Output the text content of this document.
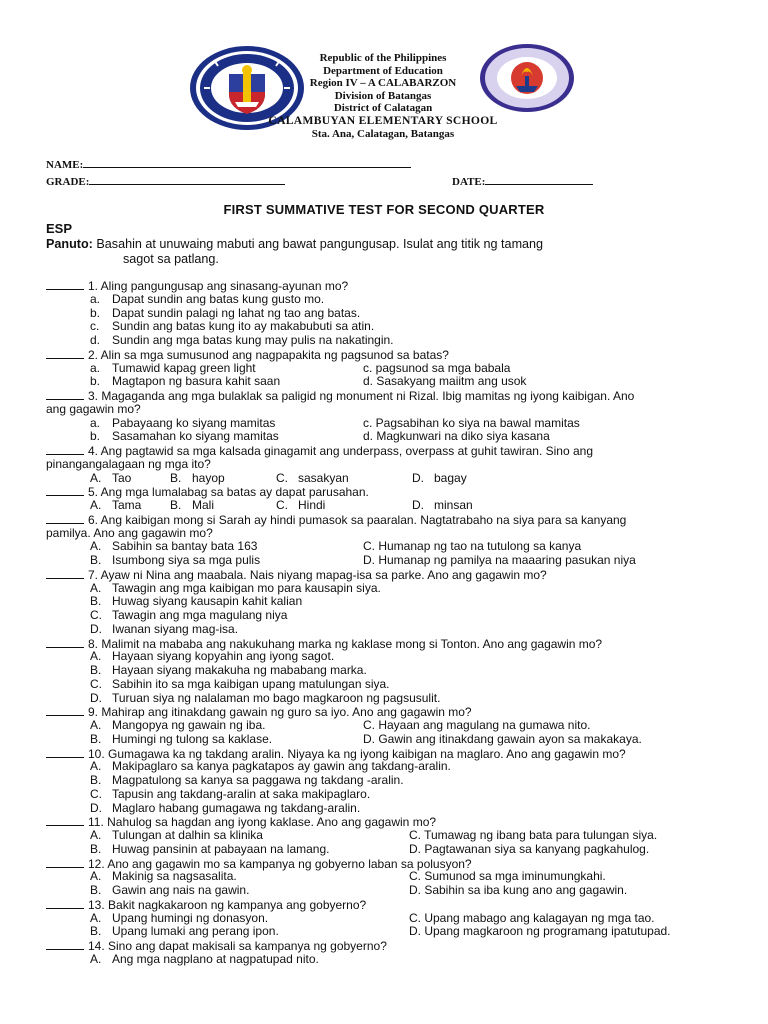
Republic of the Philippines
Department of Education
Region IV – A CALABARZON
Division of Batangas
District of Calatagan
CALAMBUYAN ELEMENTARY SCHOOL
Sta. Ana, Calatagan, Batangas
NAME:
GRADE:	DATE:
FIRST SUMMATIVE TEST FOR SECOND QUARTER
ESP
Panuto: Basahin at unuwaing mabuti ang bawat pangungusap. Isulat ang titik ng tamang
sagot sa patlang.
1. Aling pangungusap ang sinasang-ayunan mo?
a. Dapat sundin ang batas kung gusto mo.
b. Dapat sundin palagi ng lahat ng tao ang batas.
c. Sundin ang batas kung ito ay makabubuti sa atin.
d. Sundin ang mga batas kung may pulis na nakatingin.
2. Alin sa mga sumusunod ang nagpapakita ng pagsunod sa batas?
a. Tumawid kapag green light	c. pagsunod sa mga babala
b. Magtapon ng basura kahit saan	d. Sasakyang maiitm ang usok
3. Magaganda ang mga bulaklak sa paligid ng monument ni Rizal. Ibig mamitas ng iyong kaibigan. Ano
ang gagawin mo?
a. Pabayaang ko siyang mamitas	c. Pagsabihan ko siya na bawal mamitas
b. Sasamahan ko siyang mamitas	d. Magkunwari na diko siya kasana
4. Ang pagtawid sa mga kalsada ginagamit ang underpass, overpass at guhit tawiran. Sino ang
pinangangalagaan ng mga ito?
A. Tao	B. hayop	C. sasakyan	D. bagay
5. Ang mga lumalabag sa batas ay dapat parusahan.
A. Tama B. Mali	C. Hindi	D. minsan
6. Ang kaibigan mong si Sarah ay hindi pumasok sa paaralan. Nagtatrabaho na siya para sa kanyang
pamilya. Ano ang gagawin mo?
A. Sabihin sa bantay bata 163	C. Humanap ng tao na tutulong sa kanya
B. Isumbong siya sa mga pulis	D. Humanap ng pamilya na maaaring pasukan niya
7. Ayaw ni Nina ang maabala. Nais niyang mapag-isa sa parke. Ano ang gagawin mo?
A. Tawagin ang mga kaibigan mo para kausapin siya.
B. Huwag siyang kausapin kahit kalian
C. Tawagin ang mga magulang niya
D. Iwanan siyang mag-isa.
8. Malimit na mababa ang nakukuhang marka ng kaklase mong si Tonton. Ano ang gagawin mo?
A. Hayaan siyang kopyahin ang iyong sagot.
B. Hayaan siyang makakuha ng mababang marka.
C. Sabihin ito sa mga kaibigan upang matulungan siya.
D. Turuan siya ng nalalaman mo bago magkaroon ng pagsusulit.
9. Mahirap ang itinakdang gawain ng guro sa iyo. Ano ang gagawin mo?
A. Mangopya ng gawain ng iba.	C. Hayaan ang magulang na gumawa nito.
B. Humingi ng tulong sa kaklase.	D. Gawin ang itinakdang gawain ayon sa makakaya.
10. Gumagawa ka ng takdang aralin. Niyaya ka ng iyong kaibigan na maglaro. Ano ang gagawin mo?
A. Makipaglaro sa kanya pagkatapos ay gawin ang takdang-aralin.
B. Magpatulong sa kanya sa paggawa ng takdang -aralin.
C. Tapusin ang takdang-aralin at saka makipaglaro.
D. Maglaro habang gumagawa ng takdang-aralin.
11. Nahulog sa hagdan ang iyong kaklase. Ano ang gagawin mo?
A. Tulungan at dalhin sa klinika	C. Tumawag ng ibang bata para tulungan siya.
B. Huwag pansinin at pabayaan na lamang.	D. Pagtawanan siya sa kanyang pagkahulog.
12. Ano ang gagawin mo sa kampanya ng gobyerno laban sa polusyon?
A. Makinig sa nagsasalita.	C. Sumunod sa mga iminumungkahi.
B. Gawin ang nais na gawin.	D. Sabihin sa iba kung ano ang gagawin.
13. Bakit nagkakaroon ng kampanya ang gobyerno?
A. Upang humingi ng donasyon.	C. Upang mabago ang kalagayan ng mga tao.
B. Upang lumaki ang perang ipon.	D. Upang magkaroon ng programang ipatutupad.
14. Sino ang dapat makisali sa kampanya ng gobyerno?
A. Ang mga nagplano at nagpatupad nito.
